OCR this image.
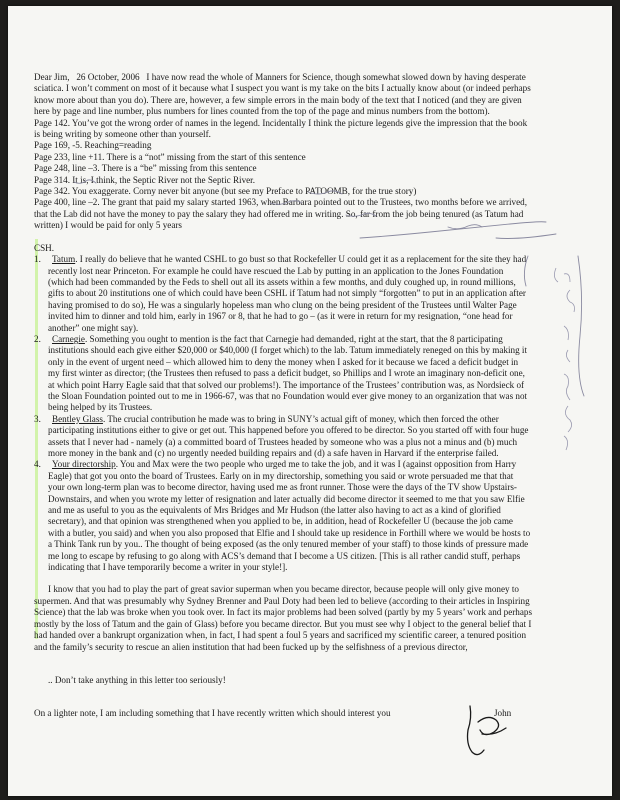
Dear Jim, 26 October, 2006 I have now read the whole of Manners for Science, though somewhat slowed down by having desperate
sciatica. I won’t comment on most of it because what I suspect you want is my take on the bits I actually know about (or indeed perhaps
know more about than you do). There are, however, a few simple errors in the main body of the text that I noticed (and they are given
here by page and line number, plus numbers for lines counted from the top of the page and minus numbers from the bottom).
Page 142. You’ve got the wrong order of names in the legend. Incidentally I think the picture legends give the impression that the book
is being writing by someone other than yourself.
Page 169, -5. Reaching=reading
Page 233, line +11. There is a “not” missing from the start of this sentence
Page 248, line –3. There is a “be” missing from this sentence
Page 314. It is, I think, the Septic River not the Septic River.
Page 342. You exaggerate. Corny never bit anyone (but see my Preface to PATOOMB, for the true story)
Page 400, line –2. The grant that paid my salary started 1963, when Barbara pointed out to the Trustees, two months before we arrived,
that the Lab did not have the money to pay the salary they had offered me in writing. So, far from the job being tenured (as Tatum had
written) I would be paid for only 5 years
CSH.
1. Tatum. I really do believe that he wanted CSHL to go bust so that Rockefeller U could get it as a replacement for the site they had
recently lost near Princeton. For example he could have rescued the Lab by putting in an application to the Jones Foundation
(which had been commanded by the Feds to shell out all its assets within a few months, and duly coughed up, in round millions,
gifts to about 20 institutions one of which could have been CSHL if Tatum had not simply “forgotten” to put in an application after
having promised to do so), He was a singularly hopeless man who clung on the being president of the Trustees until Walter Page
invited him to dinner and told him, early in 1967 or 8, that he had to go – (as it were in return for my resignation, “one head for
another” one might say).
2. Carnegie. Something you ought to mention is the fact that Carnegie had demanded, right at the start, that the 8 participating
institutions should each give either $20,000 or $40,000 (I forget which) to the lab. Tatum immediately reneged on this by making it
only in the event of urgent need – which allowed him to deny the money when I asked for it because we faced a deficit budget in
my first winter as director; (the Trustees then refused to pass a deficit budget, so Phillips and I wrote an imaginary non-deficit one,
at which point Harry Eagle said that that solved our problems!). The importance of the Trustees’ contribution was, as Nordsieck of
the Sloan Foundation pointed out to me in 1966-67, was that no Foundation would ever give money to an organization that was not
being helped by its Trustees.
3. Bentley Glass. The crucial contribution he made was to bring in SUNY’s actual gift of money, which then forced the other
participating institutions either to give or get out. This happened before you offered to be director. So you started off with four huge
assets that I never had - namely (a) a committed board of Trustees headed by someone who was a plus not a minus and (b) much
more money in the bank and (c) no urgently needed building repairs and (d) a safe haven in Harvard if the enterprise failed.
4. Your directorship. You and Max were the two people who urged me to take the job, and it was I (against opposition from Harry
Eagle) that got you onto the board of Trustees. Early on in my directorship, something you said or wrote persuaded me that that
your own long-term plan was to become director, having used me as front runner. Those were the days of the TV show Upstairs-
Downstairs, and when you wrote my letter of resignation and later actually did become director it seemed to me that you saw Elfie
and me as useful to you as the equivalents of Mrs Bridges and Mr Hudson (the latter also having to act as a kind of glorified
secretary), and that opinion was strengthened when you applied to be, in addition, head of Rockefeller U (because the job came
with a butler, you said) and when you also proposed that Elfie and I should take up residence in Forthill where we would be hosts to
a Think Tank run by you.. The thought of being exposed (as the only tenured member of your staff) to those kinds of pressure made
me long to escape by refusing to go along with ACS’s demand that I become a US citizen. [This is all rather candid stuff, perhaps
indicating that I have temporarily become a writer in your style!].
I know that you had to play the part of great savior superman when you became director, because people will only give money to
supermen. And that was presumably why Sydney Brenner and Paul Doty had been led to believe (according to their articles in Inspiring
Science) that the lab was broke when you took over. In fact its major problems had been solved (partly by my 5 years’ work and perhaps
mostly by the loss of Tatum and the gain of Glass) before you became director. But you must see why I object to the general belief that I
had handed over a bankrupt organization when, in fact, I had spent a foul 5 years and sacrificed my scientific career, a tenured position
and the family’s security to rescue an alien institution that had been fucked up by the selfishness of a previous director,
.. Don’t take anything in this letter too seriously!
On a lighter note, I am including something that I have recently written which should interest you	John
not sure what to do about these
